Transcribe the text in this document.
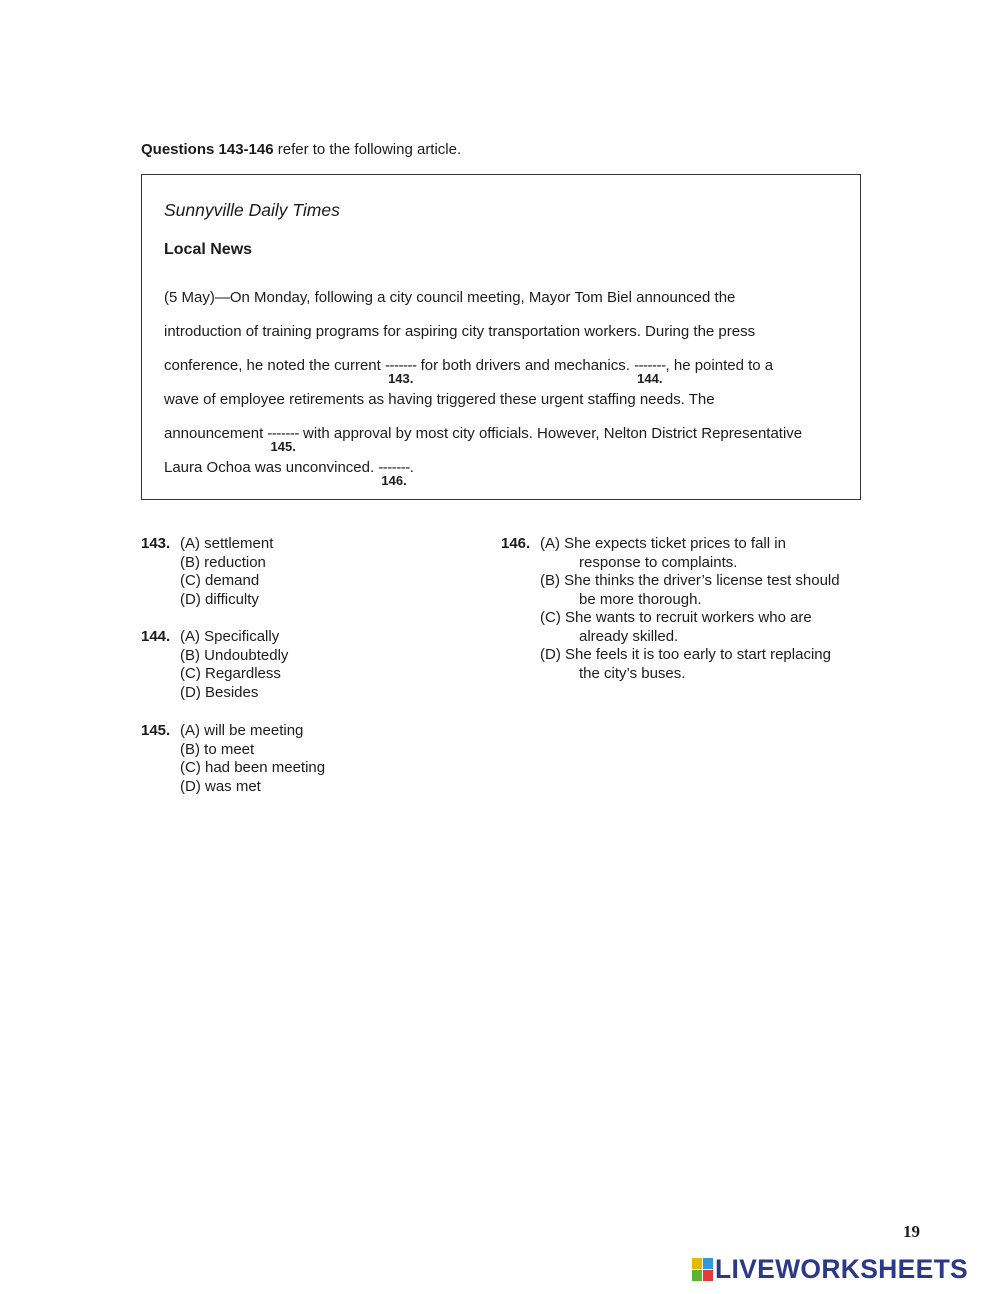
Questions 143-146 refer to the following article.
Sunnyville Daily Times
Local News
(5 May)—On Monday, following a city council meeting, Mayor Tom Biel announced the
introduction of training programs for aspiring city transportation workers. During the press
conference, he noted the current -------
143.
for both drivers and mechanics. -------
144.
, he pointed to a
wave of employee retirements as having triggered these urgent staffing needs. The
announcement -------
145.
with approval by most city officials. However, Nelton District Representative
Laura Ochoa was unconvinced. -------
146.
.
143. (A) settlement
(B) reduction
(C) demand
(D) difficulty
144. (A) Specifically
(B) Undoubtedly
(C) Regardless
(D) Besides
145. (A) will be meeting
(B) to meet
(C) had been meeting
(D) was met
146. (A) She expects ticket prices to fall in
response to complaints.
(B) She thinks the driver’s license test should
be more thorough.
(C) She wants to recruit workers who are
already skilled.
(D) She feels it is too early to start replacing
the city’s buses.
19
LIVEWORKSHEETS
